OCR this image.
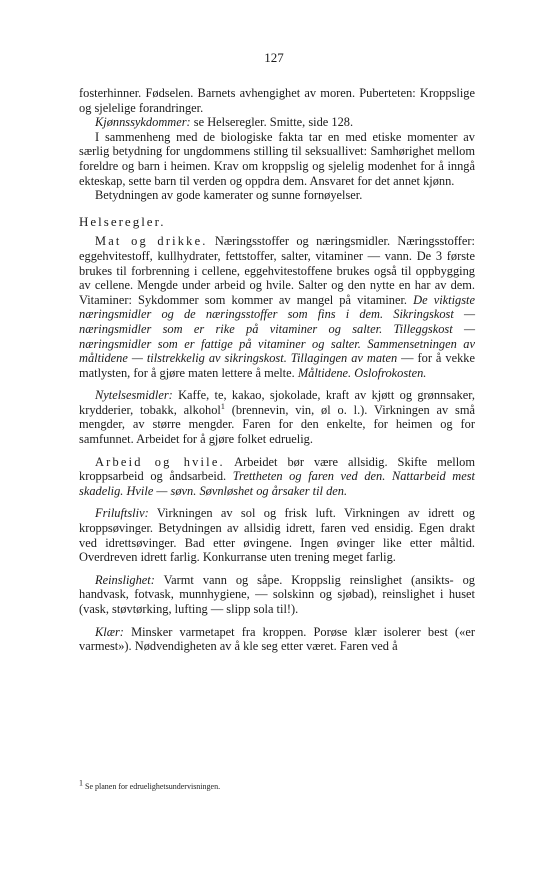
127

fosterhinner. Fødselen. Barnets avhengighet av moren. Puberteten: Kroppslige og sjelelige forandringer.

Kjønnssykdommer: se Helseregler. Smitte, side 128.

I sammenheng med de biologiske fakta tar en med etiske momenter av særlig betydning for ungdommens stilling til seksuallivet: Samhørighet mellom foreldre og barn i heimen. Krav om kroppslig og sjelelig modenhet for å inngå ekteskap, sette barn til verden og oppdra dem. Ansvaret for det annet kjønn.

Betydningen av gode kamerater og sunne fornøyelser.

Helseregler.

Mat og drikke. Næringsstoffer og næringsmidler. Næringsstoffer: eggehvitestoff, kullhydrater, fettstoffer, salter, vitaminer — vann. De 3 første brukes til forbrenning i cellene, eggehvitestoffene brukes også til oppbygging av cellene. Mengde under arbeid og hvile. Salter og den nytte en har av dem. Vitaminer: Sykdommer som kommer av mangel på vitaminer. De viktigste næringsmidler og de næringsstoffer som fins i dem. Sikringskost — næringsmidler som er rike på vitaminer og salter. Tilleggskost — næringsmidler som er fattige på vitaminer og salter. Sammensetningen av måltidene — tilstrekkelig av sikringskost. Tillagingen av maten — for å vekke matlysten, for å gjøre maten lettere å melte. Måltidene. Oslofrokosten.

Nytelsesmidler: Kaffe, te, kakao, sjokolade, kraft av kjøtt og grønnsaker, krydderier, tobakk, alkohol$^1$ (brennevin, vin, øl o. l.). Virkningen av små mengder, av større mengder. Faren for den enkelte, for heimen og for samfunnet. Arbeidet for å gjøre folket edruelig.

Arbeid og hvile. Arbeidet bør være allsidig. Skifte mellom kroppsarbeid og åndsarbeid. Trettheten og faren ved den. Nattarbeid mest skadelig. Hvile — søvn. Søvnløshet og årsaker til den.

Friluftsliv: Virkningen av sol og frisk luft. Virkningen av idrett og kroppsøvinger. Betydningen av allsidig idrett, faren ved ensidig. Egen drakt ved idrettsøvinger. Bad etter øvingene. Ingen øvinger like etter måltid. Overdreven idrett farlig. Konkurranse uten trening meget farlig.

Reinslighet: Varmt vann og såpe. Kroppslig reinslighet (ansikts- og handvask, fotvask, munnhygiene, — solskinn og sjøbad), reinslighet i huset (vask, støvtørking, lufting — slipp sola til!).

Klær: Minsker varmetapet fra kroppen. Porøse klær isolerer best («er varmest»). Nødvendigheten av å kle seg etter været. Faren ved å

$^1$ Se planen for edruelighetsundervisningen.
